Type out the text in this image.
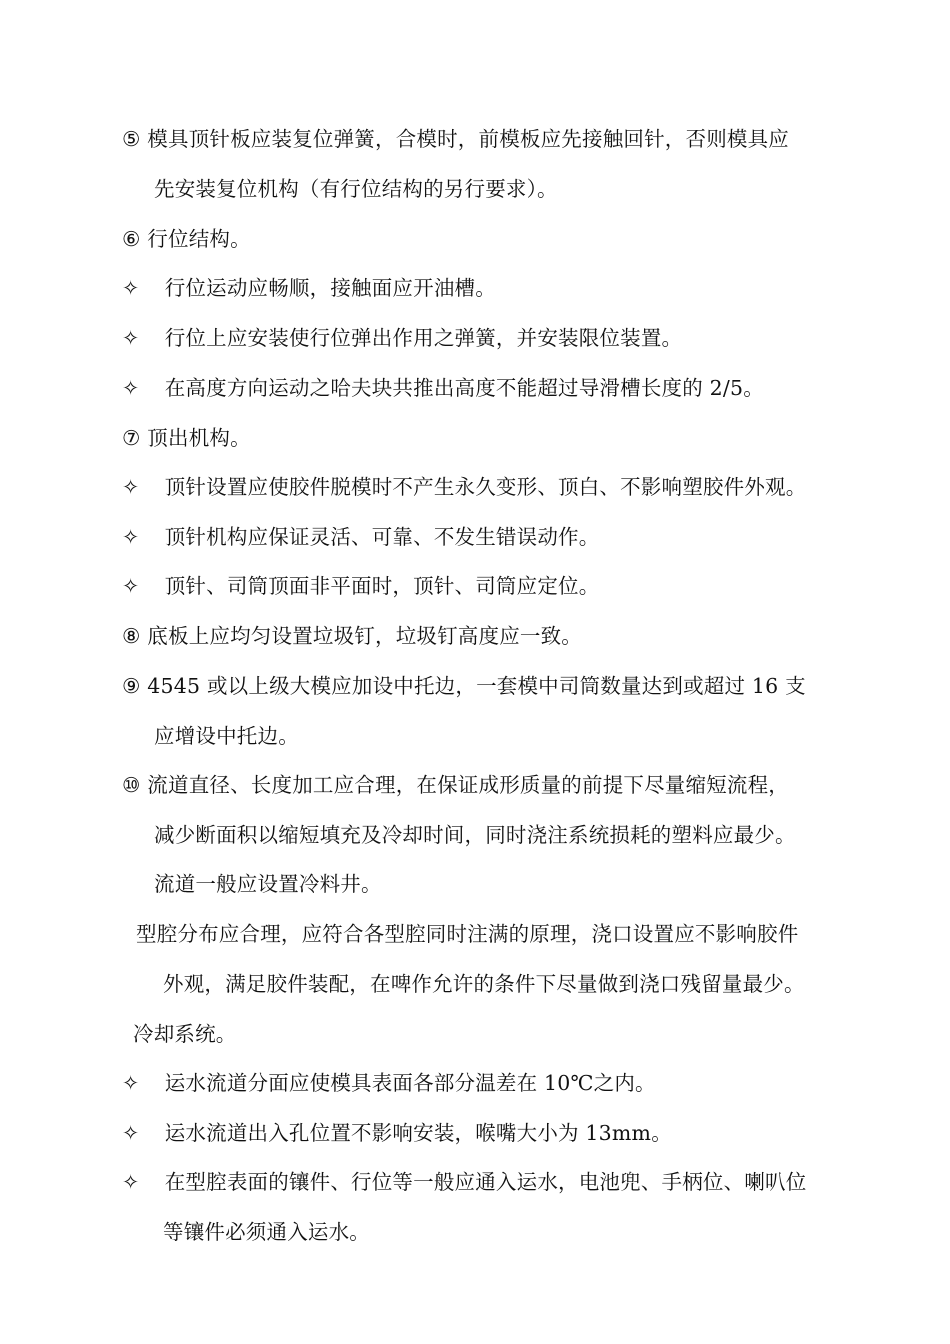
⑤ 模具顶针板应装复位弹簧，合模时，前模板应先接触回针，否则模具应
先安装复位机构（有行位结构的另行要求）。
⑥ 行位结构。
✧ 行位运动应畅顺，接触面应开油槽。
✧ 行位上应安装使行位弹出作用之弹簧，并安装限位装置。
✧ 在高度方向运动之哈夫块共推出高度不能超过导滑槽长度的 2/5。
⑦ 顶出机构。
✧ 顶针设置应使胶件脱模时不产生永久变形、顶白、不影响塑胶件外观。
✧ 顶针机构应保证灵活、可靠、不发生错误动作。
✧ 顶针、司筒顶面非平面时，顶针、司筒应定位。
⑧ 底板上应均匀设置垃圾钉，垃圾钉高度应一致。
⑨ 4545 或以上级大模应加设中托边，一套模中司筒数量达到或超过 16 支
应增设中托边。
⑩ 流道直径、长度加工应合理，在保证成形质量的前提下尽量缩短流程，
减少断面积以缩短填充及冷却时间，同时浇注系统损耗的塑料应最少。
流道一般应设置冷料井。
型腔分布应合理，应符合各型腔同时注满的原理，浇口设置应不影响胶件
外观，满足胶件装配，在啤作允许的条件下尽量做到浇口残留量最少。
冷却系统。
✧ 运水流道分面应使模具表面各部分温差在 10℃之内。
✧ 运水流道出入孔位置不影响安装，喉嘴大小为 13mm。
✧ 在型腔表面的镶件、行位等一般应通入运水，电池兜、手柄位、喇叭位
等镶件必须通入运水。
